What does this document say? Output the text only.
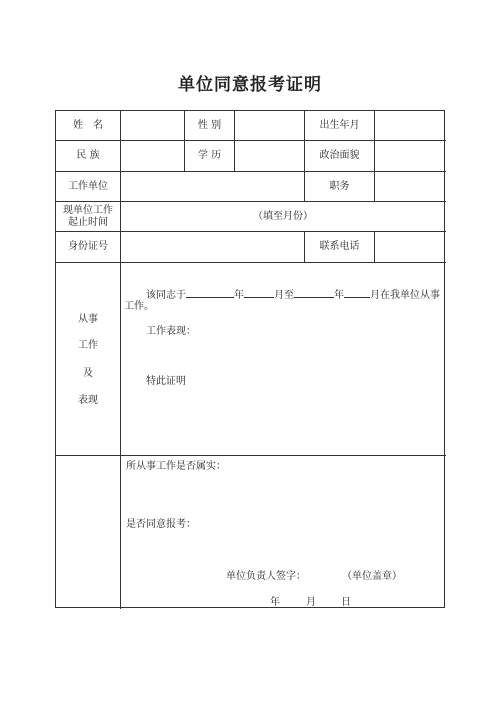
单位同意报考证明
姓　名	性 别	出生年月
民 族	学 历	政治面貌
工作单位	职务
现单位工作
起止时间
（填至月份）
身份证号	联系电话
从事
工作
及
表现
该同志于	年	月至	年	月在我单位从事
工作。
工作表现：
特此证明
所从事工作是否属实：
是否同意报考：
单位负责人签字：	（单位盖章）
年	月	日
